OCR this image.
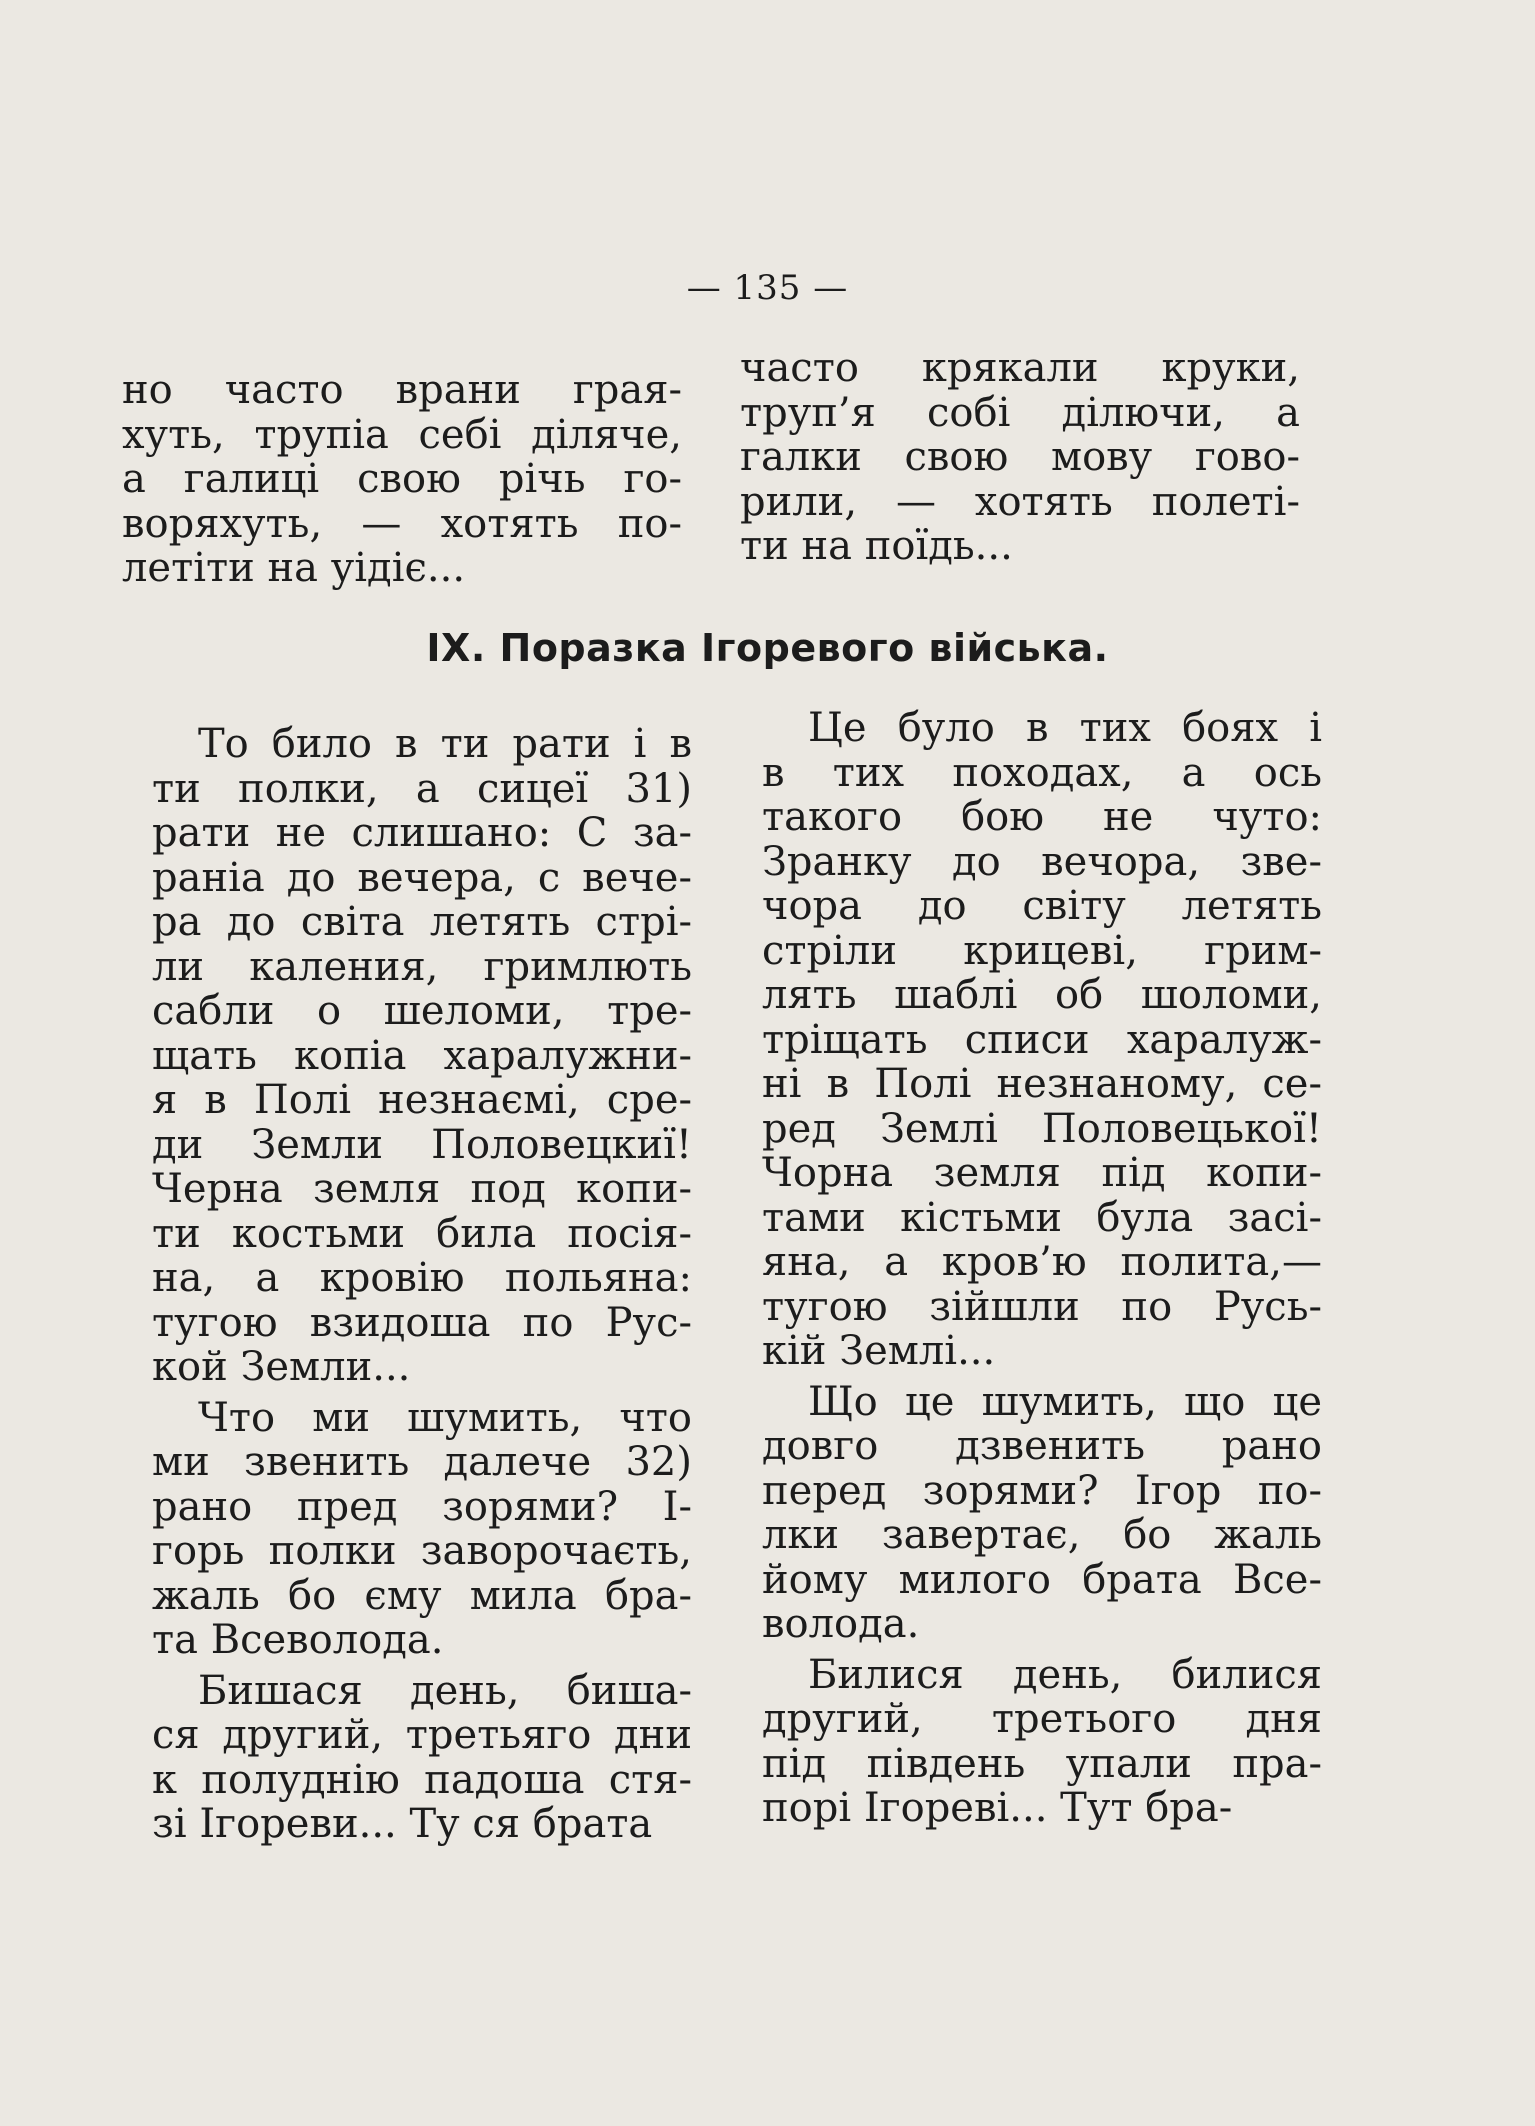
— 135 —
но часто врани грая-
хуть, трупіа себі діляче,
а галиці свою річь го-
воряхуть, — хотять по-
летіти на уідіє...
часто крякали круки,
труп’я собі ділючи, а
галки свою мову гово-
рили, — хотять полеті-
ти на поїдь...
IX. Поразка Ігоревого війська.
То било в ти рати і в
ти полки, а сицеї 31)
рати не слишано: С за-
раніа до вечера, с вече-
ра до світа летять стрі-
ли каления, гримлють
сабли о шеломи, тре-
щать копіа харалужни-
я в Полі незнаємі, сре-
ди Земли Половецкиї!
Черна земля под копи-
ти костьми била посія-
на, а кровію польяна:
тугою взидоша по Рус-
кой Земли...
Что ми шумить, что
ми звенить далече 32)
рано пред зорями? І-
горь полки заворочаєть,
жаль бо єму мила бра-
та Всеволода.
Бишася день, биша-
ся другий, третьяго дни
к полуднію падоша стя-
зі Ігореви... Ту ся брата
Це було в тих боях і
в тих походах, а ось
такого бою не чуто:
Зранку до вечора, зве-
чора до світу летять
стріли крицеві, грим-
лять шаблі об шоломи,
тріщать списи харалуж-
ні в Полі незнаному, се-
ред Землі Половецької!
Чорна земля під копи-
тами кістьми була засі-
яна, а кров’ю полита,—
тугою зійшли по Русь-
кій Землі...
Що це шумить, що це
довго дзвенить рано
перед зорями? Ігор по-
лки завертає, бо жаль
йому милого брата Все-
волода.
Билися день, билися
другий, третього дня
під південь упали пра-
порі Ігореві... Тут бра-
